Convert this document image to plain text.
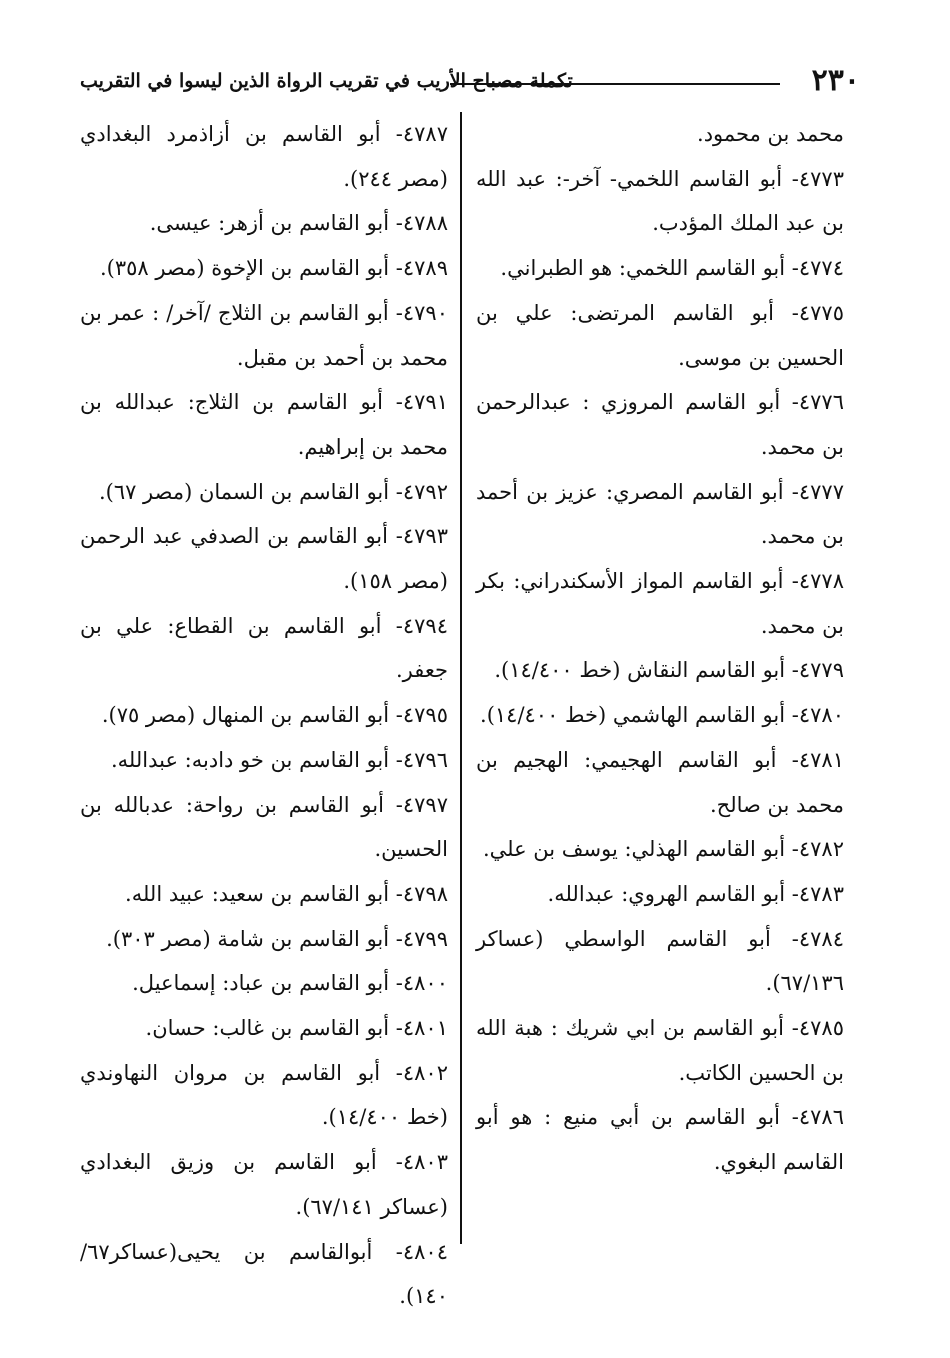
٢٣٠
تكملة مصباح الأريب في تقريب الرواة الذين ليسوا في التقريب

محمد بن محمود.

٤٧٧٣- أبو القاسم اللخمي- آخر-: عبد الله بن عبد الملك المؤدب.

٤٧٧٤- أبو القاسم اللخمي: هو الطبراني.

٤٧٧٥- أبو القاسم المرتضى: علي بن الحسين بن موسى.

٤٧٧٦- أبو القاسم المروزي : عبدالرحمن بن محمد.

٤٧٧٧- أبو القاسم المصري: عزيز بن أحمد بن محمد.

٤٧٧٨- أبو القاسم المواز الأسكندراني: بكر بن محمد.

٤٧٧٩- أبو القاسم النقاش (خط ١٤/٤٠٠).

٤٧٨٠- أبو القاسم الهاشمي (خط ١٤/٤٠٠).

٤٧٨١- أبو القاسم الهجيمي: الهجيم بن محمد بن صالح.

٤٧٨٢- أبو القاسم الهذلي: يوسف بن علي.

٤٧٨٣- أبو القاسم الهروي: عبدالله.

٤٧٨٤- أبو القاسم الواسطي (عساكر ٦٧/١٣٦).

٤٧٨٥- أبو القاسم بن ابي شريك : هبة الله بن الحسين الكاتب.

٤٧٨٦- أبو القاسم بن أبي منيع : هو أبو القاسم البغوي.

٤٧٨٧- أبو القاسم بن أزاذمرد البغدادي (مصر ٢٤٤).

٤٧٨٨- أبو القاسم بن أزهر: عيسى.

٤٧٨٩- أبو القاسم بن الإخوة (مصر ٣٥٨).

٤٧٩٠- أبو القاسم بن الثلاج /آخر/ : عمر بن محمد بن أحمد بن مقبل.

٤٧٩١- أبو القاسم بن الثلاج: عبدالله بن محمد بن إبراهيم.

٤٧٩٢- أبو القاسم بن السمان (مصر ٦٧).

٤٧٩٣- أبو القاسم بن الصدفي عبد الرحمن (مصر ١٥٨).

٤٧٩٤- أبو القاسم بن القطاع: علي بن جعفر.

٤٧٩٥- أبو القاسم بن المنهال (مصر ٧٥).

٤٧٩٦- أبو القاسم بن خو دادبه: عبدالله.

٤٧٩٧- أبو القاسم بن رواحة: عدبالله بن الحسين.

٤٧٩٨- أبو القاسم بن سعيد: عبيد الله.

٤٧٩٩- أبو القاسم بن شامة (مصر ٣٠٣).

٤٨٠٠- أبو القاسم بن عباد: إسماعيل.

٤٨٠١- أبو القاسم بن غالب: حسان.

٤٨٠٢- أبو القاسم بن مروان النهاوندي (خط ١٤/٤٠٠).

٤٨٠٣- أبو القاسم بن وزيق البغدادي (عساكر ٦٧/١٤١).

٤٨٠٤- أبوالقاسم بن يحيى(عساكر٦٧/ ١٤٠).
